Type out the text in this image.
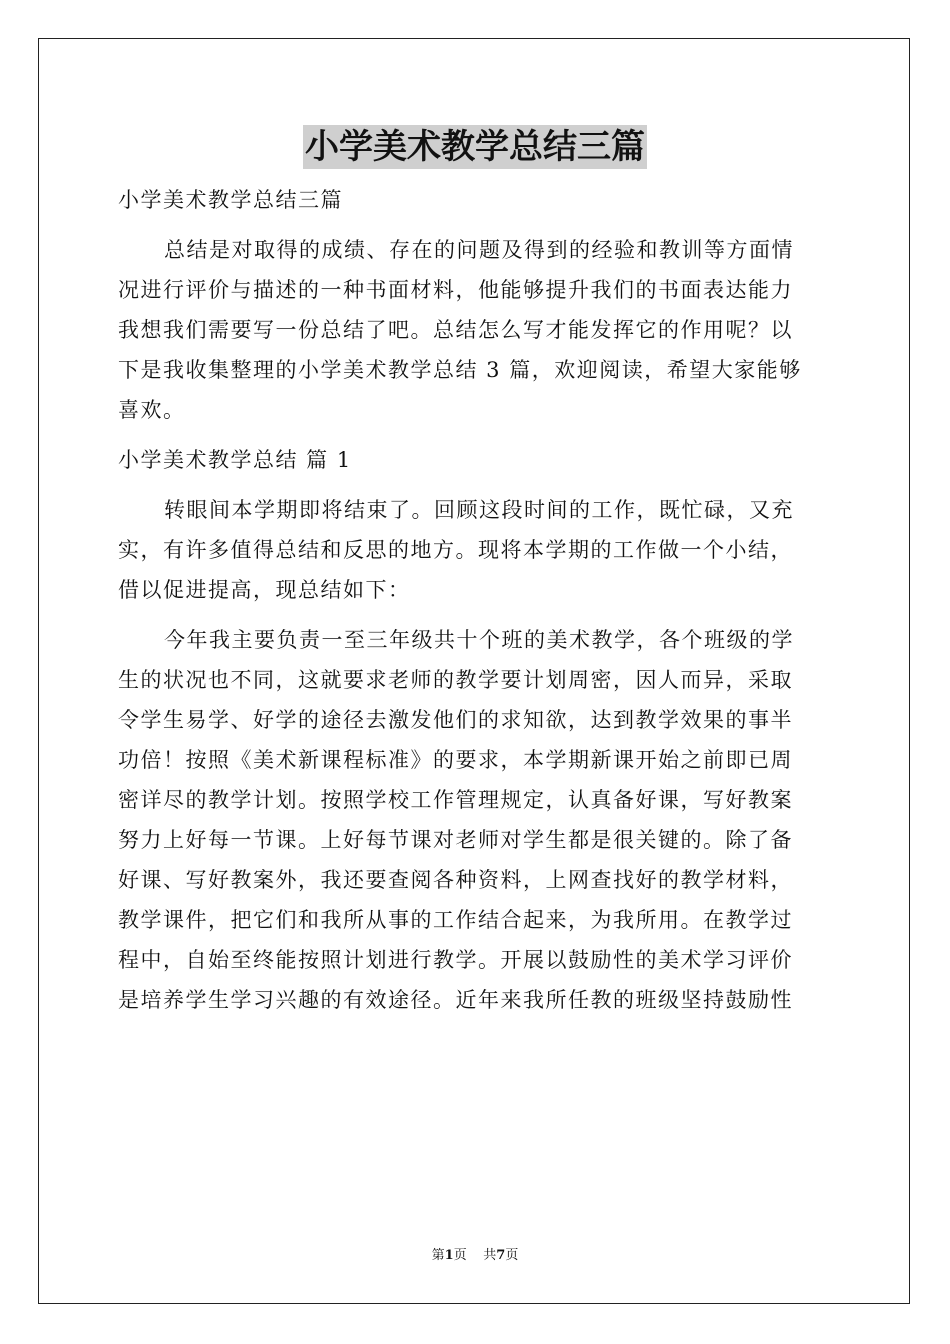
小学美术教学总结三篇
小学美术教学总结三篇
总结是对取得的成绩、存在的问题及得到的经验和教训等方面情
况进行评价与描述的一种书面材料，他能够提升我们的书面表达能力
我想我们需要写一份总结了吧。总结怎么写才能发挥它的作用呢？以
下是我收集整理的小学美术教学总结 3 篇，欢迎阅读，希望大家能够
喜欢。
小学美术教学总结 篇 1
转眼间本学期即将结束了。回顾这段时间的工作，既忙碌，又充
实，有许多值得总结和反思的地方。现将本学期的工作做一个小结，
借以促进提高，现总结如下：
今年我主要负责一至三年级共十个班的美术教学，各个班级的学
生的状况也不同，这就要求老师的教学要计划周密，因人而异，采取
令学生易学、好学的途径去激发他们的求知欲，达到教学效果的事半
功倍！按照《美术新课程标准》的要求，本学期新课开始之前即已周
密详尽的教学计划。按照学校工作管理规定，认真备好课，写好教案
努力上好每一节课。上好每节课对老师对学生都是很关键的。除了备
好课、写好教案外，我还要查阅各种资料，上网查找好的教学材料，
教学课件，把它们和我所从事的工作结合起来，为我所用。在教学过
程中，自始至终能按照计划进行教学。开展以鼓励性的美术学习评价
是培养学生学习兴趣的有效途径。近年来我所任教的班级坚持鼓励性
第1页 共7页
